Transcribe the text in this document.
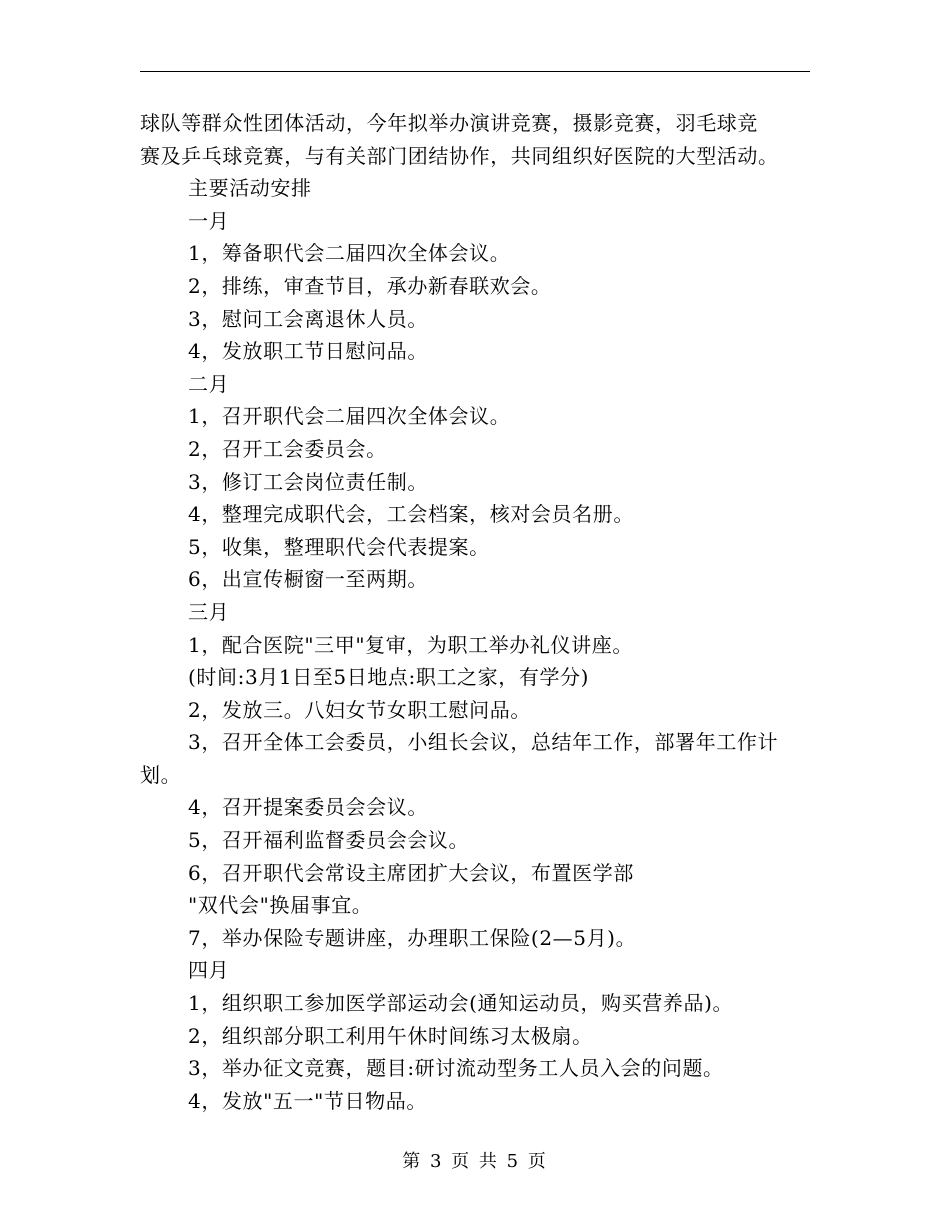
球队等群众性团体活动，今年拟举办演讲竞赛，摄影竞赛，羽毛球竞
赛及乒乓球竞赛，与有关部门团结协作，共同组织好医院的大型活动。
主要活动安排
一月
1，筹备职代会二届四次全体会议。
2，排练，审查节目，承办新春联欢会。
3，慰问工会离退休人员。
4，发放职工节日慰问品。
二月
1，召开职代会二届四次全体会议。
2，召开工会委员会。
3，修订工会岗位责任制。
4，整理完成职代会，工会档案，核对会员名册。
5，收集，整理职代会代表提案。
6，出宣传橱窗一至两期。
三月
1，配合医院"三甲"复审，为职工举办礼仪讲座。
(时间:3月1日至5日地点:职工之家，有学分)
2，发放三。八妇女节女职工慰问品。
3，召开全体工会委员，小组长会议，总结年工作，部署年工作计
划。
4，召开提案委员会会议。
5，召开福利监督委员会会议。
6，召开职代会常设主席团扩大会议，布置医学部
"双代会"换届事宜。
7，举办保险专题讲座，办理职工保险(2—5月)。
四月
1，组织职工参加医学部运动会(通知运动员，购买营养品)。
2，组织部分职工利用午休时间练习太极扇。
3，举办征文竞赛，题目:研讨流动型务工人员入会的问题。
4，发放"五一"节日物品。
第 3 页 共 5 页
